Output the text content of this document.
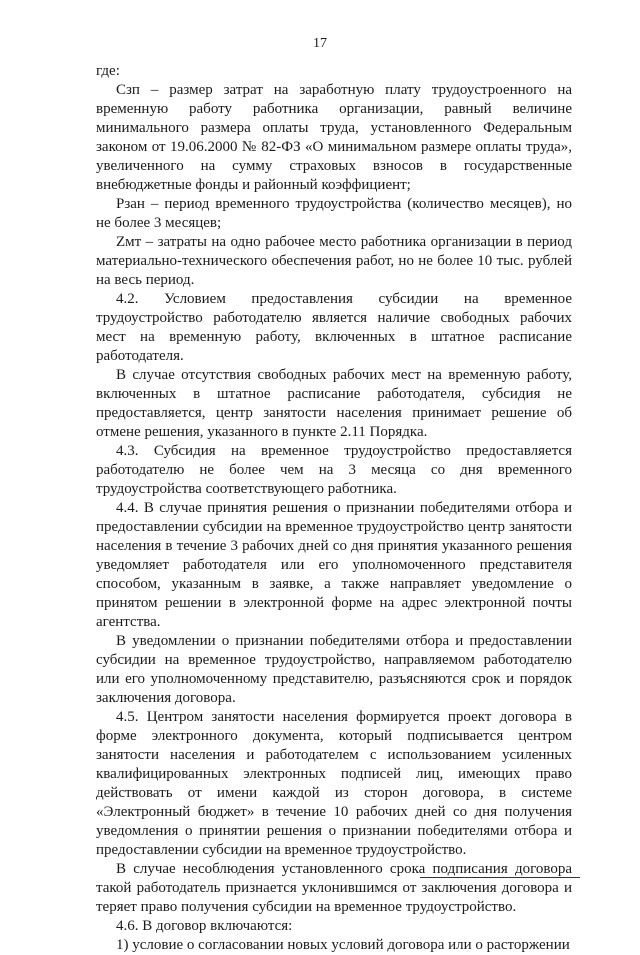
17

где:

Сзп – размер затрат на заработную плату трудоустроенного на временную работу работника организации, равный величине минимального размера оплаты труда, установленного Федеральным законом от 19.06.2000 № 82-ФЗ «О минимальном размере оплаты труда», увеличенного на сумму страховых взносов в государственные внебюджетные фонды и районный коэффициент;

Рзан – период временного трудоустройства (количество месяцев), но не более 3 месяцев;

Zмт – затраты на одно рабочее место работника организации в период материально-технического обеспечения работ, но не более 10 тыс. рублей на весь период.

4.2. Условием предоставления субсидии на временное трудоустройство работодателю является наличие свободных рабочих мест на временную работу, включенных в штатное расписание работодателя.

В случае отсутствия свободных рабочих мест на временную работу, включенных в штатное расписание работодателя, субсидия не предоставляется, центр занятости населения принимает решение об отмене решения, указанного в пункте 2.11 Порядка.

4.3. Субсидия на временное трудоустройство предоставляется работодателю не более чем на 3 месяца со дня временного трудоустройства соответствующего работника.

4.4. В случае принятия решения о признании победителями отбора и предоставлении субсидии на временное трудоустройство центр занятости населения в течение 3 рабочих дней со дня принятия указанного решения уведомляет работодателя или его уполномоченного представителя способом, указанным в заявке, а также направляет уведомление о принятом решении в электронной форме на адрес электронной почты агентства.

В уведомлении о признании победителями отбора и предоставлении субсидии на временное трудоустройство, направляемом работодателю или его уполномоченному представителю, разъясняются срок и порядок заключения договора.

4.5. Центром занятости населения формируется проект договора в форме электронного документа, который подписывается центром занятости населения и работодателем с использованием усиленных квалифицированных электронных подписей лиц, имеющих право действовать от имени каждой из сторон договора, в системе «Электронный бюджет» в течение 10 рабочих дней со дня получения уведомления о принятии решения о признании победителями отбора и предоставлении субсидии на временное трудоустройство.

В случае несоблюдения установленного срока подписания договора такой работодатель признается уклонившимся от заключения договора и теряет право получения субсидии на временное трудоустройство.

4.6. В договор включаются:

1) условие о согласовании новых условий договора или о расторжении
